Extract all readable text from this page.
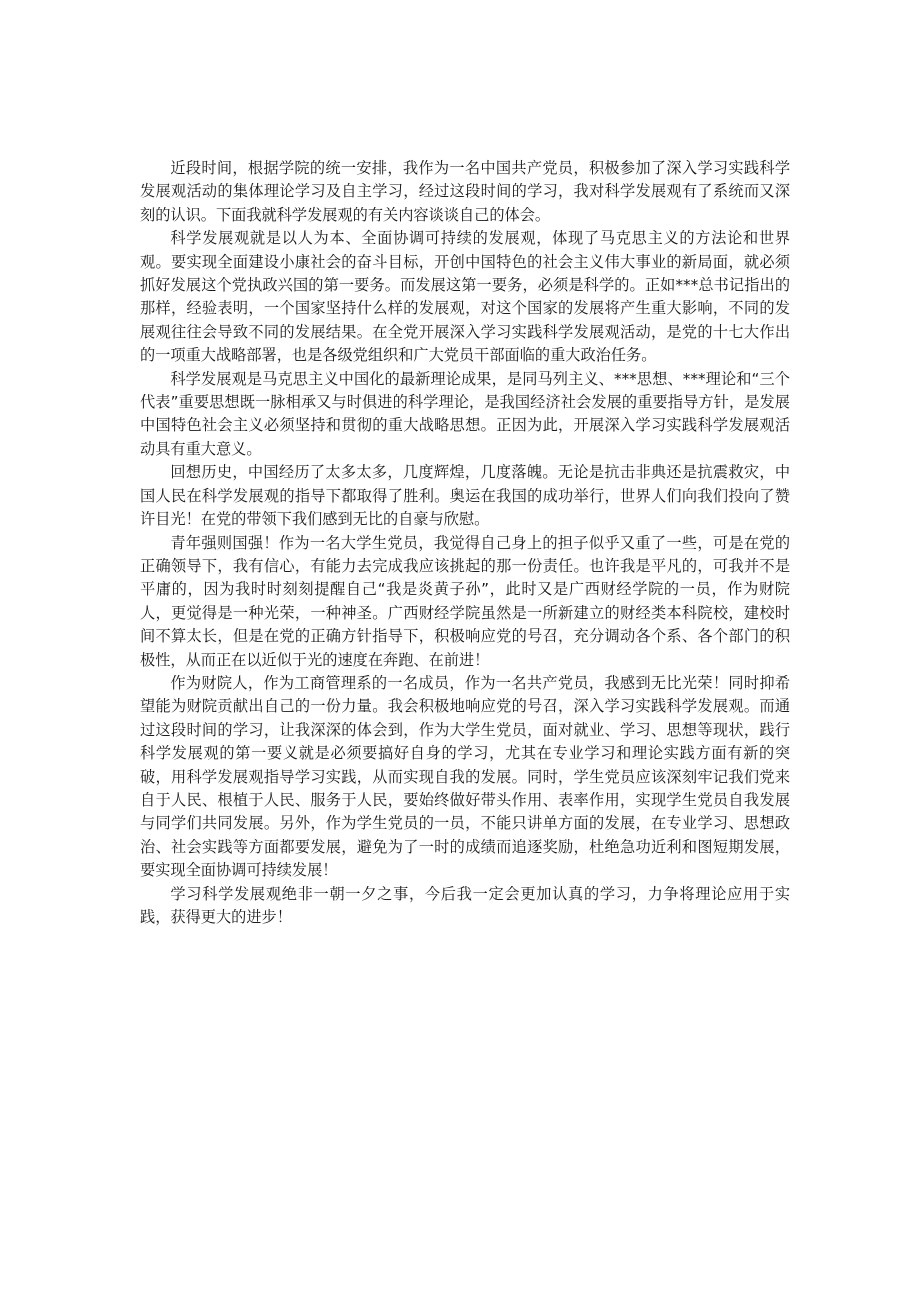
近段时间，根据学院的统一安排，我作为一名中国共产党员，积极参加了深入学习实践科学发展观活动的集体理论学习及自主学习，经过这段时间的学习，我对科学发展观有了系统而又深刻的认识。下面我就科学发展观的有关内容谈谈自己的体会。

科学发展观就是以人为本、全面协调可持续的发展观，体现了马克思主义的方法论和世界观。要实现全面建设小康社会的奋斗目标，开创中国特色的社会主义伟大事业的新局面，就必须抓好发展这个党执政兴国的第一要务。而发展这第一要务，必须是科学的。正如***总书记指出的那样，经验表明，一个国家坚持什么样的发展观，对这个国家的发展将产生重大影响，不同的发展观往往会导致不同的发展结果。在全党开展深入学习实践科学发展观活动，是党的十七大作出的一项重大战略部署，也是各级党组织和广大党员干部面临的重大政治任务。

科学发展观是马克思主义中国化的最新理论成果，是同马列主义、***思想、***理论和“三个代表”重要思想既一脉相承又与时俱进的科学理论，是我国经济社会发展的重要指导方针，是发展中国特色社会主义必须坚持和贯彻的重大战略思想。正因为此，开展深入学习实践科学发展观活动具有重大意义。

回想历史，中国经历了太多太多，几度辉煌，几度落魄。无论是抗击非典还是抗震救灾，中国人民在科学发展观的指导下都取得了胜利。奥运在我国的成功举行，世界人们向我们投向了赞许目光！在党的带领下我们感到无比的自豪与欣慰。

青年强则国强！作为一名大学生党员，我觉得自己身上的担子似乎又重了一些，可是在党的正确领导下，我有信心，有能力去完成我应该挑起的那一份责任。也许我是平凡的，可我并不是平庸的，因为我时时刻刻提醒自己“我是炎黄子孙”，此时又是广西财经学院的一员，作为财院人，更觉得是一种光荣，一种神圣。广西财经学院虽然是一所新建立的财经类本科院校，建校时间不算太长，但是在党的正确方针指导下，积极响应党的号召，充分调动各个系、各个部门的积极性，从而正在以近似于光的速度在奔跑、在前进！

作为财院人，作为工商管理系的一名成员，作为一名共产党员，我感到无比光荣！同时抑希望能为财院贡献出自己的一份力量。我会积极地响应党的号召，深入学习实践科学发展观。而通过这段时间的学习，让我深深的体会到，作为大学生党员，面对就业、学习、思想等现状，践行科学发展观的第一要义就是必须要搞好自身的学习，尤其在专业学习和理论实践方面有新的突破，用科学发展观指导学习实践，从而实现自我的发展。同时，学生党员应该深刻牢记我们党来自于人民、根植于人民、服务于人民，要始终做好带头作用、表率作用，实现学生党员自我发展与同学们共同发展。另外，作为学生党员的一员，不能只讲单方面的发展，在专业学习、思想政治、社会实践等方面都要发展，避免为了一时的成绩而追逐奖励，杜绝急功近利和图短期发展，要实现全面协调可持续发展！

学习科学发展观绝非一朝一夕之事，今后我一定会更加认真的学习，力争将理论应用于实践，获得更大的进步！
